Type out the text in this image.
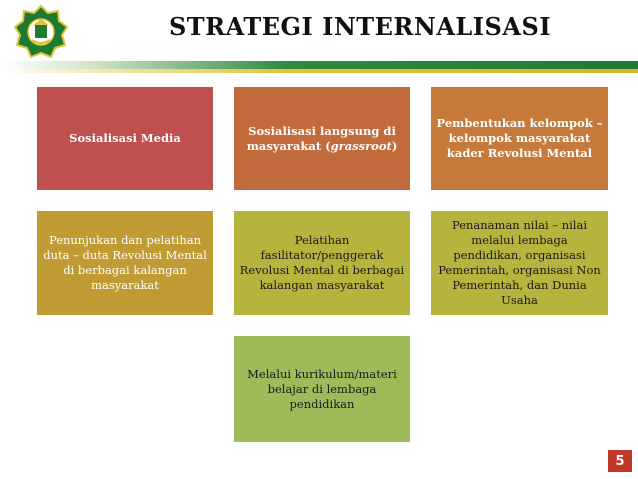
STRATEGI INTERNALISASI
Sosialisasi Media
Sosialisasi langsung di masyarakat (grassroot)
Pembentukan kelompok – kelompok masyarakat kader Revolusi Mental
Penunjukan dan pelatihan duta – duta Revolusi Mental di berbagai kalangan masyarakat
Pelatihan fasilitator/penggerak Revolusi Mental di berbagai kalangan masyarakat
Penanaman nilai – nilai melalui lembaga pendidikan, organisasi Pemerintah, organisasi Non Pemerintah, dan Dunia Usaha
Melalui kurikulum/materi belajar di lembaga pendidikan
5
